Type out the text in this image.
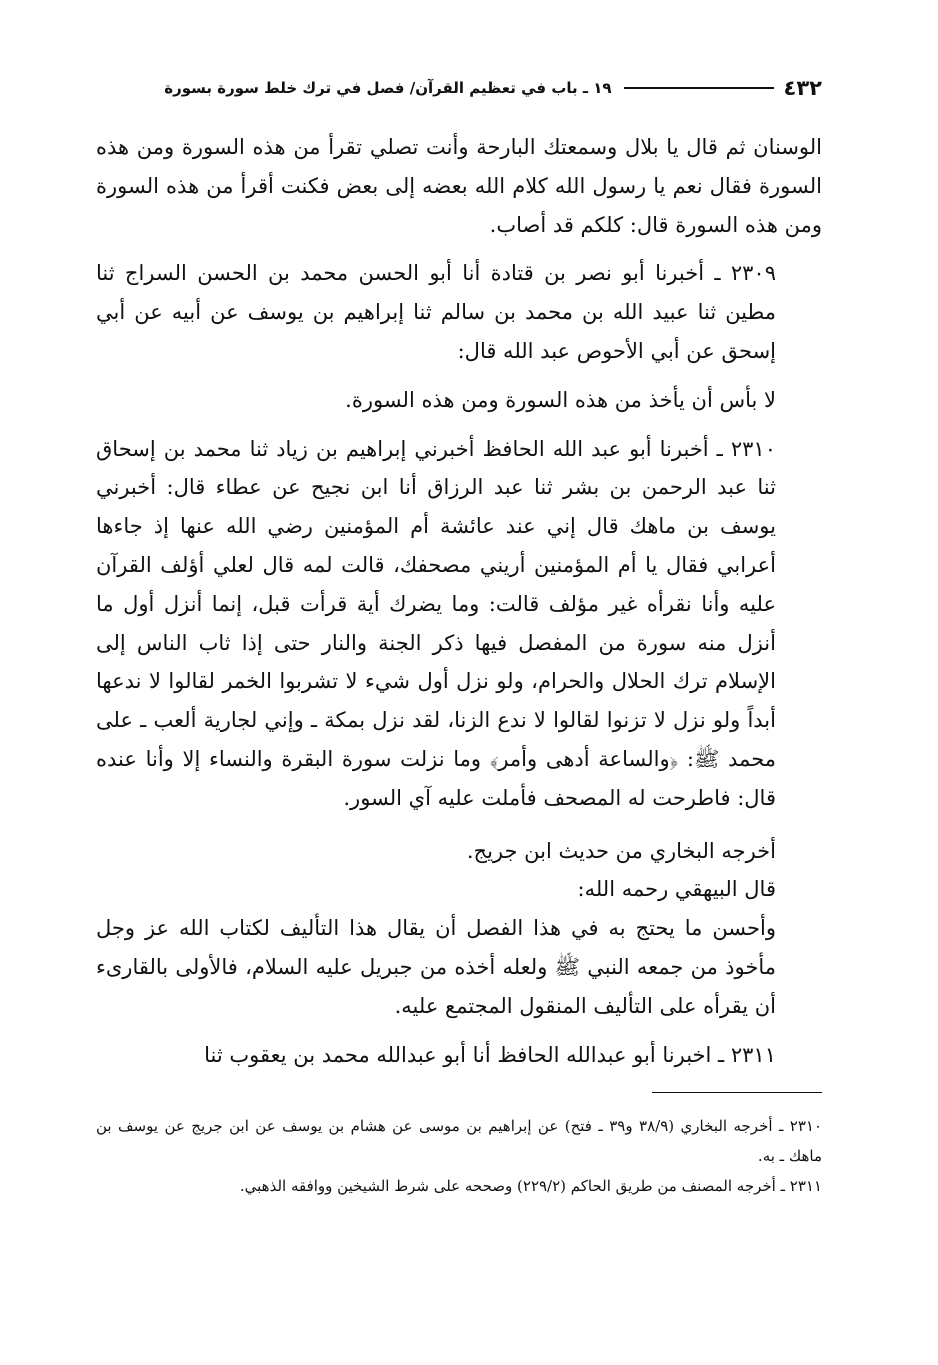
٤٣٢
١٩ ـ باب في تعظيم القرآن/ فصل في ترك خلط سورة بسورة

الوسنان ثم قال يا بلال وسمعتك البارحة وأنت تصلي تقرأ من هذه السورة ومن هذه السورة فقال نعم يا رسول الله كلام الله بعضه إلى بعض فكنت أقرأ من هذه السورة ومن هذه السورة قال: كلكم قد أصاب.

٢٣٠٩ ـ أخبرنا أبو نصر بن قتادة أنا أبو الحسن محمد بن الحسن السراج ثنا مطين ثنا عبيد الله بن محمد بن سالم ثنا إبراهيم بن يوسف عن أبيه عن أبي إسحق عن أبي الأحوص عبد الله قال:

لا بأس أن يأخذ من هذه السورة ومن هذه السورة.

٢٣١٠ ـ أخبرنا أبو عبد الله الحافظ أخبرني إبراهيم بن زياد ثنا محمد بن إسحاق ثنا عبد الرحمن بن بشر ثنا عبد الرزاق أنا ابن نجيح عن عطاء قال: أخبرني يوسف بن ماهك قال إني عند عائشة أم المؤمنين رضي الله عنها إذ جاءها أعرابي فقال يا أم المؤمنين أريني مصحفك، قالت لمه قال لعلي أؤلف القرآن عليه وأنا نقرأه غير مؤلف قالت: وما يضرك أية قرأت قبل، إنما أنزل أول ما أنزل منه سورة من المفصل فيها ذكر الجنة والنار حتى إذا ثاب الناس إلى الإسلام ترك الحلال والحرام، ولو نزل أول شيء لا تشربوا الخمر لقالوا لا ندعها أبداً ولو نزل لا تزنوا لقالوا لا ندع الزنا، لقد نزل بمكة ـ وإني لجارية ألعب ـ على محمد ﷺ: ﴿والساعة أدهى وأمر﴾ وما نزلت سورة البقرة والنساء إلا وأنا عنده قال: فاطرحت له المصحف فأملت عليه آي السور.

أخرجه البخاري من حديث ابن جريج.

قال البيهقي رحمه الله:

وأحسن ما يحتج به في هذا الفصل أن يقال هذا التأليف لكتاب الله عز وجل مأخوذ من جمعه النبي ﷺ ولعله أخذه من جبريل عليه السلام، فالأولى بالقارىء أن يقرأه على التأليف المنقول المجتمع عليه.

٢٣١١ ـ اخبرنا أبو عبدالله الحافظ أنا أبو عبدالله محمد بن يعقوب ثنا

٢٣١٠ ـ أخرجه البخاري (٣٨/٩ و٣٩ ـ فتح) عن إبراهيم بن موسى عن هشام بن يوسف عن ابن جريج عن يوسف بن ماهك ـ به.

٢٣١١ ـ أخرجه المصنف من طريق الحاكم (٢٢٩/٢) وصححه على شرط الشيخين ووافقه الذهبي.
